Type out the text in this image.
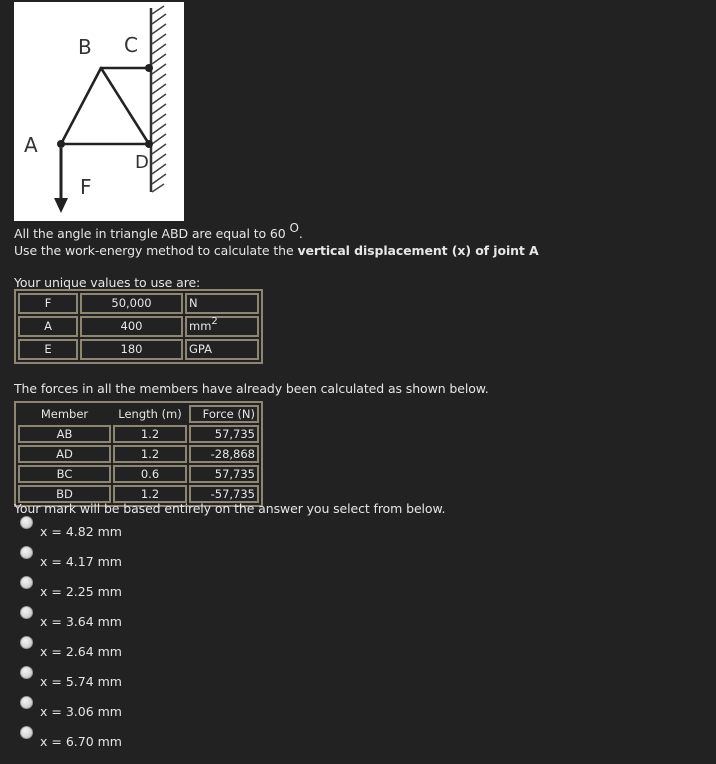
B C
A
D
F
All the angle in triangle ABD are equal to 60 O.
Use the work-energy method to calculate the vertical displacement (x) of joint A
Your unique values to use are:
F	50,000	N
A	400	$mm^2$
E	180	GPA
The forces in all the members have already been calculated as shown below.
Member	Length (m)	Force (N)
AB	1.2	57,735
AD	1.2	-28,868
BC	0.6	57,735
BD	1.2	-57,735
Your mark will be based entirely on the answer you select from below.
x = 4.82 mm
x = 4.17 mm
x = 2.25 mm
x = 3.64 mm
x = 2.64 mm
x = 5.74 mm
x = 3.06 mm
x = 6.70 mm
